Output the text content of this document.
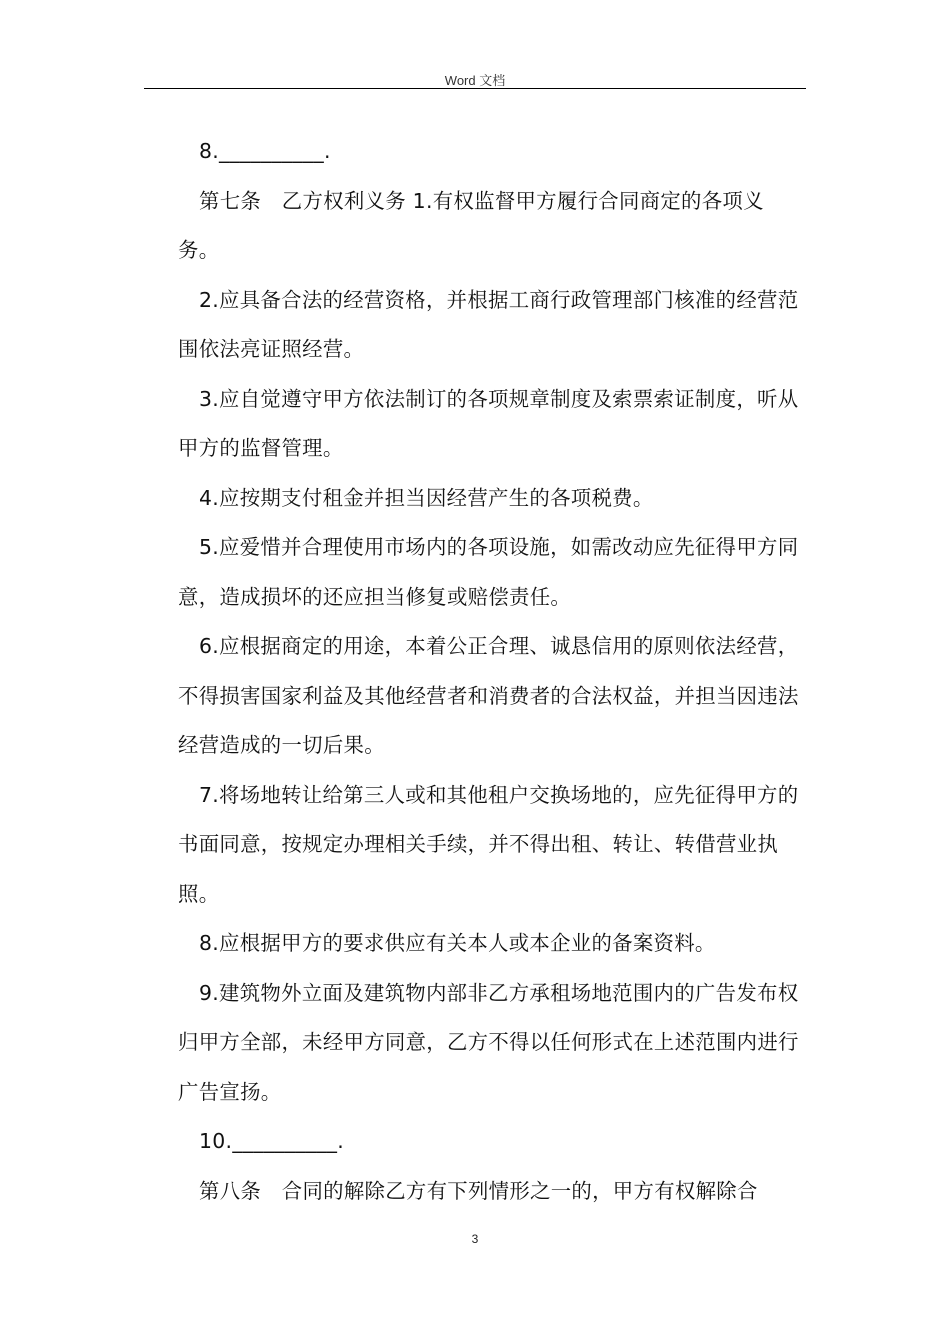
Word 文档

8.__________.

第七条　乙方权利义务 1.有权监督甲方履行合同商定的各项义务。

2.应具备合法的经营资格，并根据工商行政管理部门核准的经营范围依法亮证照经营。

3.应自觉遵守甲方依法制订的各项规章制度及索票索证制度，听从甲方的监督管理。

4.应按期支付租金并担当因经营产生的各项税费。

5.应爱惜并合理使用市场内的各项设施，如需改动应先征得甲方同意，造成损坏的还应担当修复或赔偿责任。

6.应根据商定的用途，本着公正合理、诚恳信用的原则依法经营，不得损害国家利益及其他经营者和消费者的合法权益，并担当因违法经营造成的一切后果。

7.将场地转让给第三人或和其他租户交换场地的，应先征得甲方的书面同意，按规定办理相关手续，并不得出租、转让、转借营业执照。

8.应根据甲方的要求供应有关本人或本企业的备案资料。

9.建筑物外立面及建筑物内部非乙方承租场地范围内的广告发布权归甲方全部，未经甲方同意，乙方不得以任何形式在上述范围内进行广告宣扬。

10.__________.

第八条　合同的解除乙方有下列情形之一的，甲方有权解除合

3
